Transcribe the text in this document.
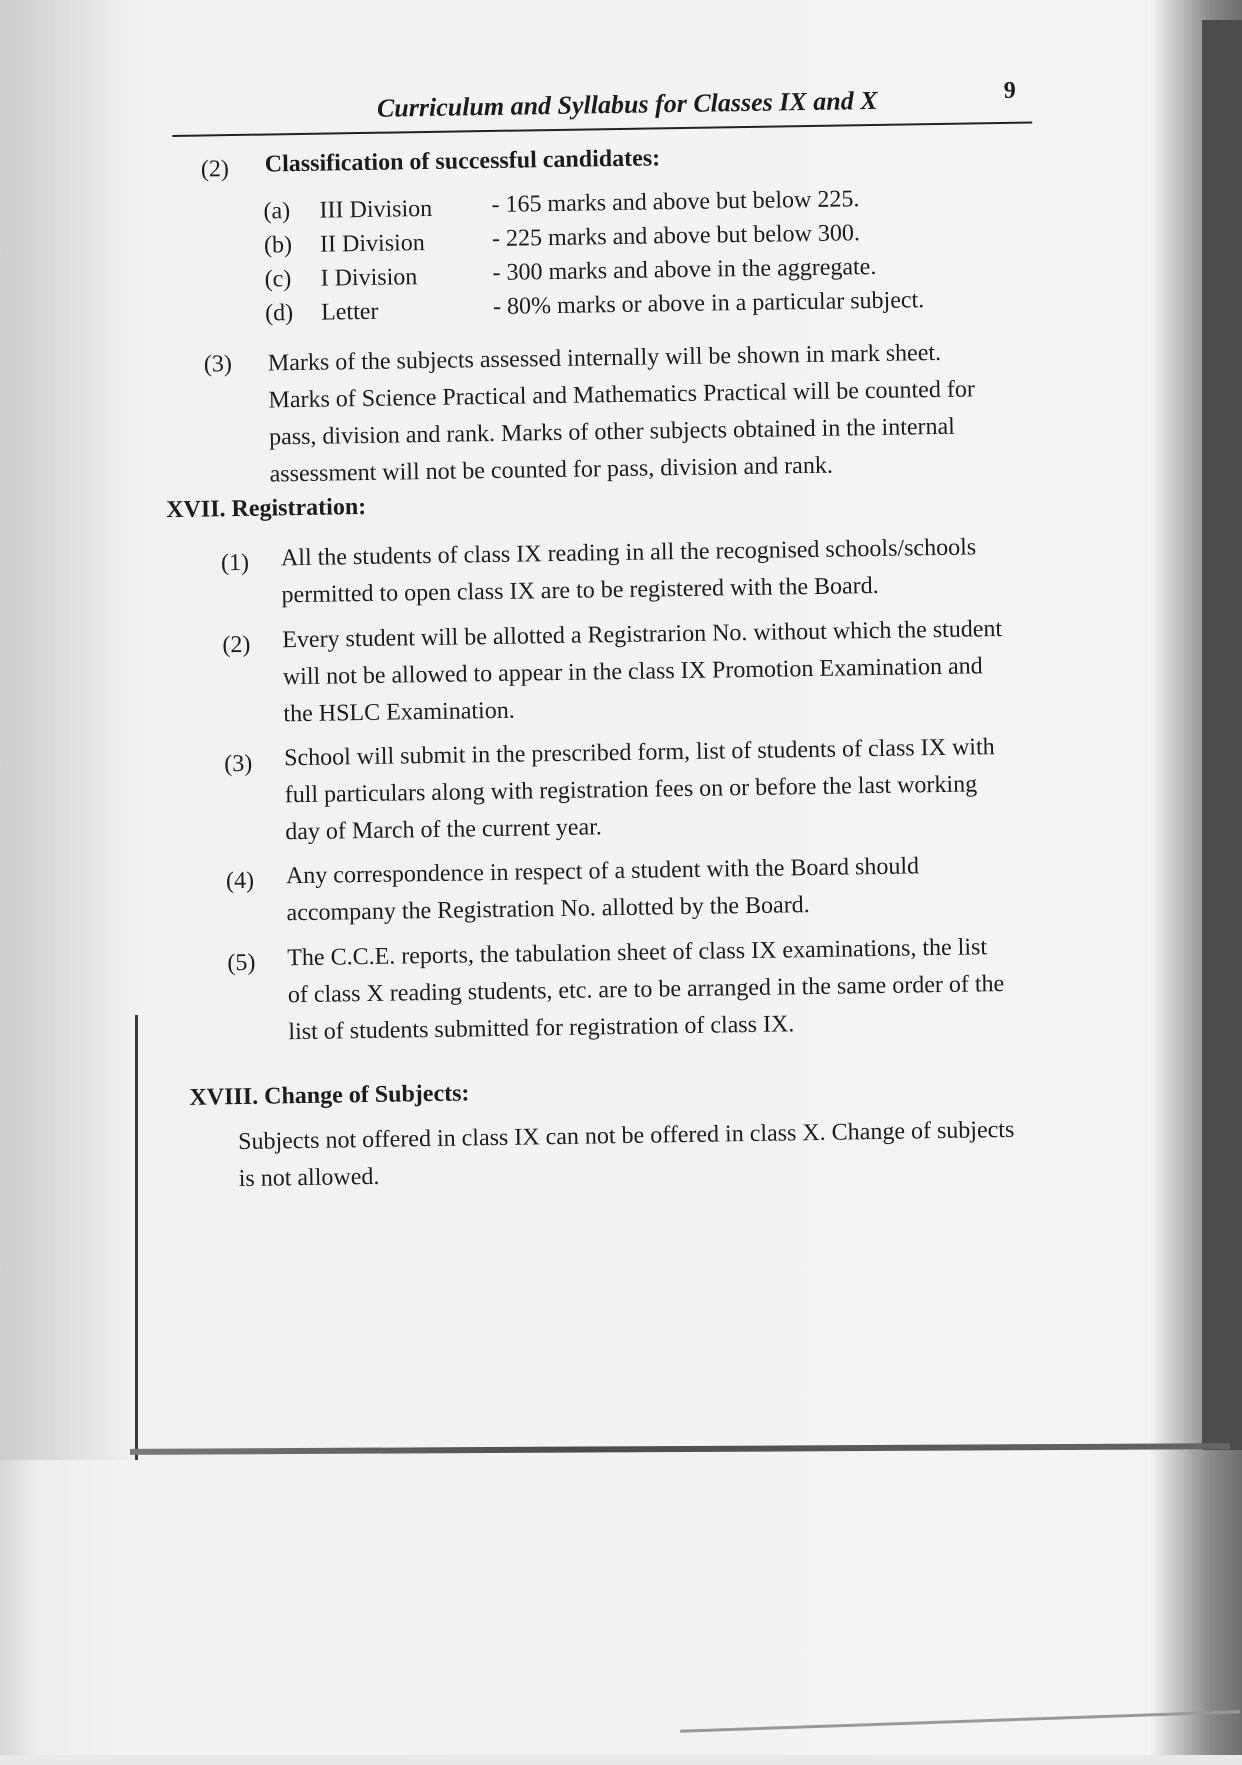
Curriculum and Syllabus for Classes IX and X	9
(2) Classification of successful candidates:
(a) III Division - 165 marks and above but below 225.
(b) II Division	- 225 marks and above but below 300.
(c) I Division	- 300 marks and above in the aggregate.
(d) Letter	- 80% marks or above in a particular subject.
(3) Marks of the subjects assessed internally will be shown in mark sheet.
Marks of Science Practical and Mathematics Practical will be counted for
pass, division and rank. Marks of other subjects obtained in the internal
assessment will not be counted for pass, division and rank.
XVII. Registration:
(1) All the students of class IX reading in all the recognised schools/schools
permitted to open class IX are to be registered with the Board.
(2) Every student will be allotted a Registrarion No. without which the student
will not be allowed to appear in the class IX Promotion Examination and
the HSLC Examination.
(3) School will submit in the prescribed form, list of students of class IX with
full particulars along with registration fees on or before the last working
day of March of the current year.
(4) Any correspondence in respect of a student with the Board should
accompany the Registration No. allotted by the Board.
(5) The C.C.E. reports, the tabulation sheet of class IX examinations, the list
of class X reading students, etc. are to be arranged in the same order of the
list of students submitted for registration of class IX.
XVIII. Change of Subjects:
Subjects not offered in class IX can not be offered in class X. Change of subjects
is not allowed.
